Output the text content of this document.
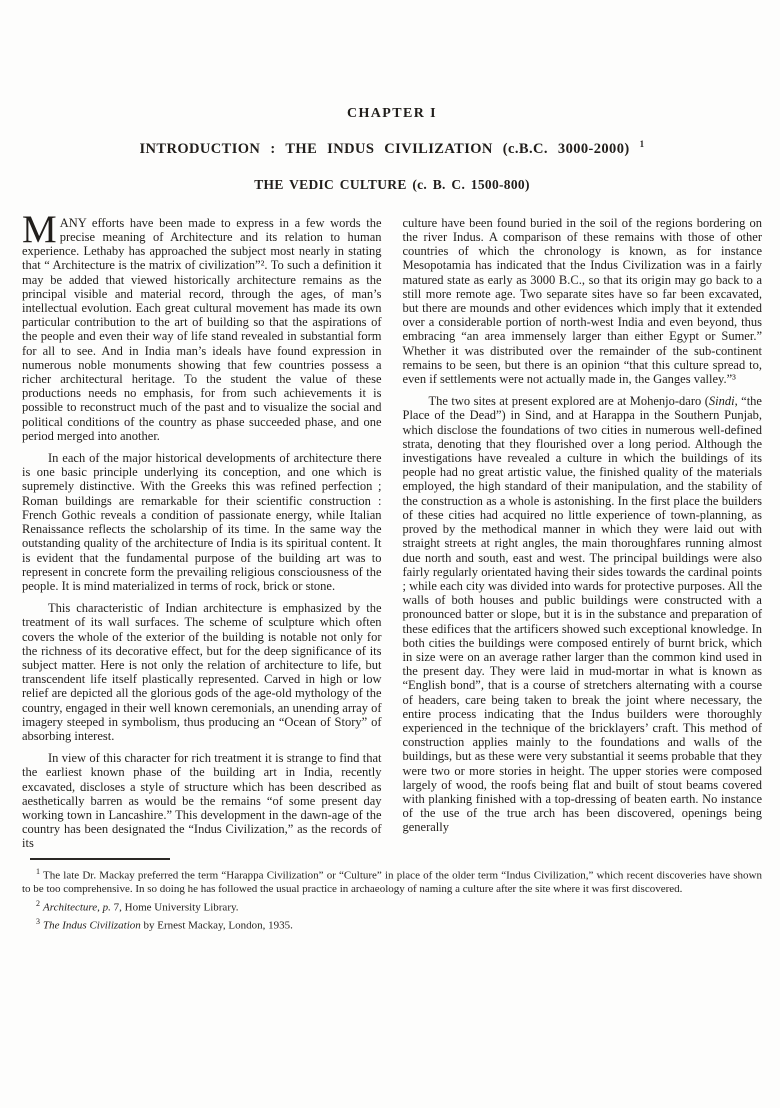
CHAPTER I
INTRODUCTION : THE INDUS CIVILIZATION (c.B.C. 3000-2000) $^1$
THE VEDIC CULTURE (c. B. C. 1500-800)

MANY efforts have been made to express in a few words the precise meaning of Architecture and its relation to human experience. Lethaby has approached the subject most nearly in stating that “ Architecture is the matrix of civilization”². To such a definition it may be added that viewed historically architecture remains as the principal visible and material record, through the ages, of man’s intellectual evolution. Each great cultural movement has made its own particular contribution to the art of building so that the aspirations of the people and even their way of life stand revealed in substantial form for all to see. And in India man’s ideals have found expression in numerous noble monuments showing that few countries possess a richer architectural heritage. To the student the value of these productions needs no emphasis, for from such achievements it is possible to reconstruct much of the past and to visualize the social and political conditions of the country as phase succeeded phase, and one period merged into another.

In each of the major historical developments of architecture there is one basic principle underlying its conception, and one which is supremely distinctive. With the Greeks this was refined perfection ; Roman buildings are remarkable for their scientific construction : French Gothic reveals a condition of passionate energy, while Italian Renaissance reflects the scholarship of its time. In the same way the outstanding quality of the architecture of India is its spiritual content. It is evident that the fundamental purpose of the building art was to represent in concrete form the prevailing religious consciousness of the people. It is mind materialized in terms of rock, brick or stone.

This characteristic of Indian architecture is emphasized by the treatment of its wall surfaces. The scheme of sculpture which often covers the whole of the exterior of the building is notable not only for the richness of its decorative effect, but for the deep significance of its subject matter. Here is not only the relation of architecture to life, but transcendent life itself plastically represented. Carved in high or low relief are depicted all the glorious gods of the age-old mythology of the country, engaged in their well known ceremonials, an unending array of imagery steeped in symbolism, thus producing an “Ocean of Story” of absorbing interest.

In view of this character for rich treatment it is strange to find that the earliest known phase of the building art in India, recently excavated, discloses a style of structure which has been described as aesthetically barren as would be the remains “of some present day working town in Lancashire.” This development in the dawn-age of the country has been designated the “Indus Civilization,” as the records of its

culture have been found buried in the soil of the regions bordering on the river Indus. A comparison of these remains with those of other countries of which the chronology is known, as for instance Mesopotamia has indicated that the Indus Civilization was in a fairly matured state as early as 3000 B.C., so that its origin may go back to a still more remote age. Two separate sites have so far been excavated, but there are mounds and other evidences which imply that it extended over a considerable portion of north-west India and even beyond, thus embracing “an area immensely larger than either Egypt or Sumer.” Whether it was distributed over the remainder of the sub-continent remains to be seen, but there is an opinion “that this culture spread to, even if settlements were not actually made in, the Ganges valley.”³

The two sites at present explored are at Mohenjo-daro (Sindi, “the Place of the Dead”) in Sind, and at Harappa in the Southern Punjab, which disclose the foundations of two cities in numerous well-defined strata, denoting that they flourished over a long period. Although the investigations have revealed a culture in which the buildings of its people had no great artistic value, the finished quality of the materials employed, the high standard of their manipulation, and the stability of the construction as a whole is astonishing. In the first place the builders of these cities had acquired no little experience of town-planning, as proved by the methodical manner in which they were laid out with straight streets at right angles, the main thoroughfares running almost due north and south, east and west. The principal buildings were also fairly regularly orientated having their sides towards the cardinal points ; while each city was divided into wards for protective purposes. All the walls of both houses and public buildings were constructed with a pronounced batter or slope, but it is in the substance and preparation of these edifices that the artificers showed such exceptional knowledge. In both cities the buildings were composed entirely of burnt brick, which in size were on an average rather larger than the common kind used in the present day. They were laid in mud-mortar in what is known as “English bond”, that is a course of stretchers alternating with a course of headers, care being taken to break the joint where necessary, the entire process indicating that the Indus builders were thoroughly experienced in the technique of the bricklayers’ craft. This method of construction applies mainly to the foundations and walls of the buildings, but as these were very substantial it seems probable that they were two or more stories in height. The upper stories were composed largely of wood, the roofs being flat and built of stout beams covered with planking finished with a top-dressing of beaten earth. No instance of the use of the true arch has been discovered, openings being generally

$^1$ The late Dr. Mackay preferred the term “Harappa Civilization” or “Culture” in place of the older term “Indus Civilization,” which recent discoveries have shown to be too comprehensive. In so doing he has followed the usual practice in archaeology of naming a culture after the site where it was first discovered.

$^2$ Architecture, p. 7, Home University Library.

$^3$ The Indus Civilization by Ernest Mackay, London, 1935.
